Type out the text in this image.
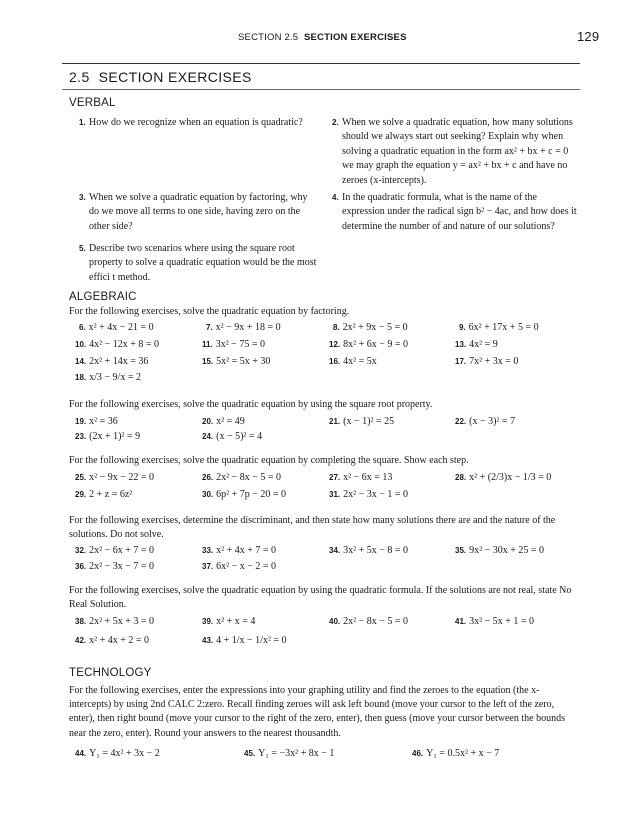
SECTION 2.5 SECTION EXERCISES	129
2.5 SECTION EXERCISES
VERBAL
1. How do we recognize when an equation is quadratic?	2. When we solve a quadratic equation, how many solutions should we always start out seeking? Explain why when solving a quadratic equation in the form ax² + bx + c = 0 we may graph the equation y = ax² + bx + c and have no zeroes (x-intercepts).
3. When we solve a quadratic equation by factoring, why do we move all terms to one side, having zero on the other side?
4. In the quadratic formula, what is the name of the expression under the radical sign b² − 4ac, and how does it determine the number of and nature of our solutions?
5. Describe two scenarios where using the square root property to solve a quadratic equation would be the most effici t method.
ALGEBRAIC
For the following exercises, solve the quadratic equation by factoring.
6. x² + 4x − 21 = 0	7. x² − 9x + 18 = 0	8. 2x² + 9x − 5 = 0	9. 6x² + 17x + 5 = 0
10. 4x² − 12x + 8 = 0	11. 3x² − 75 = 0	12. 8x² + 6x − 9 = 0	13. 4x² = 9
14. 2x² + 14x = 36	15. 5x² = 5x + 30	16. 4x² = 5x	17. 7x² + 3x = 0
18. x/3 − 9/x = 2
For the following exercises, solve the quadratic equation by using the square root property.
19. x² = 36	20. x² = 49	21. (x − 1)² = 25	22. (x − 3)² = 7
23. (2x + 1)² = 9	24. (x − 5)² = 4
For the following exercises, solve the quadratic equation by completing the square. Show each step.
25. x² − 9x − 22 = 0	26. 2x² − 8x − 5 = 0	27. x² − 6x = 13	28. x² + (2/3)x − 1/3 = 0
29. 2 + z = 6z²	30. 6p² + 7p − 20 = 0	31. 2x² − 3x − 1 = 0
For the following exercises, determine the discriminant, and then state how many solutions there are and the nature of the solutions. Do not solve.
32. 2x² − 6x + 7 = 0	33. x² + 4x + 7 = 0	34. 3x² + 5x − 8 = 0	35. 9x² − 30x + 25 = 0
36. 2x² − 3x − 7 = 0	37. 6x² − x − 2 = 0
For the following exercises, solve the quadratic equation by using the quadratic formula. If the solutions are not real, state No Real Solution.
38. 2x² + 5x + 3 = 0	39. x² + x = 4	40. 2x² − 8x − 5 = 0	41. 3x² − 5x + 1 = 0
42. x² + 4x + 2 = 0	43. 4 + 1/x − 1/x² = 0
TECHNOLOGY
For the following exercises, enter the expressions into your graphing utility and find the zeroes to the equation (the x-intercepts) by using 2nd CALC 2:zero. Recall finding zeroes will ask left bound (move your cursor to the left of the zero, enter), then right bound (move your cursor to the right of the zero, enter), then guess (move your cursor between the bounds near the zero, enter). Round your answers to the nearest thousandth.
44. Y₁ = 4x² + 3x − 2	45. Y₁ = −3x² + 8x − 1	46. Y₁ = 0.5x² + x − 7
